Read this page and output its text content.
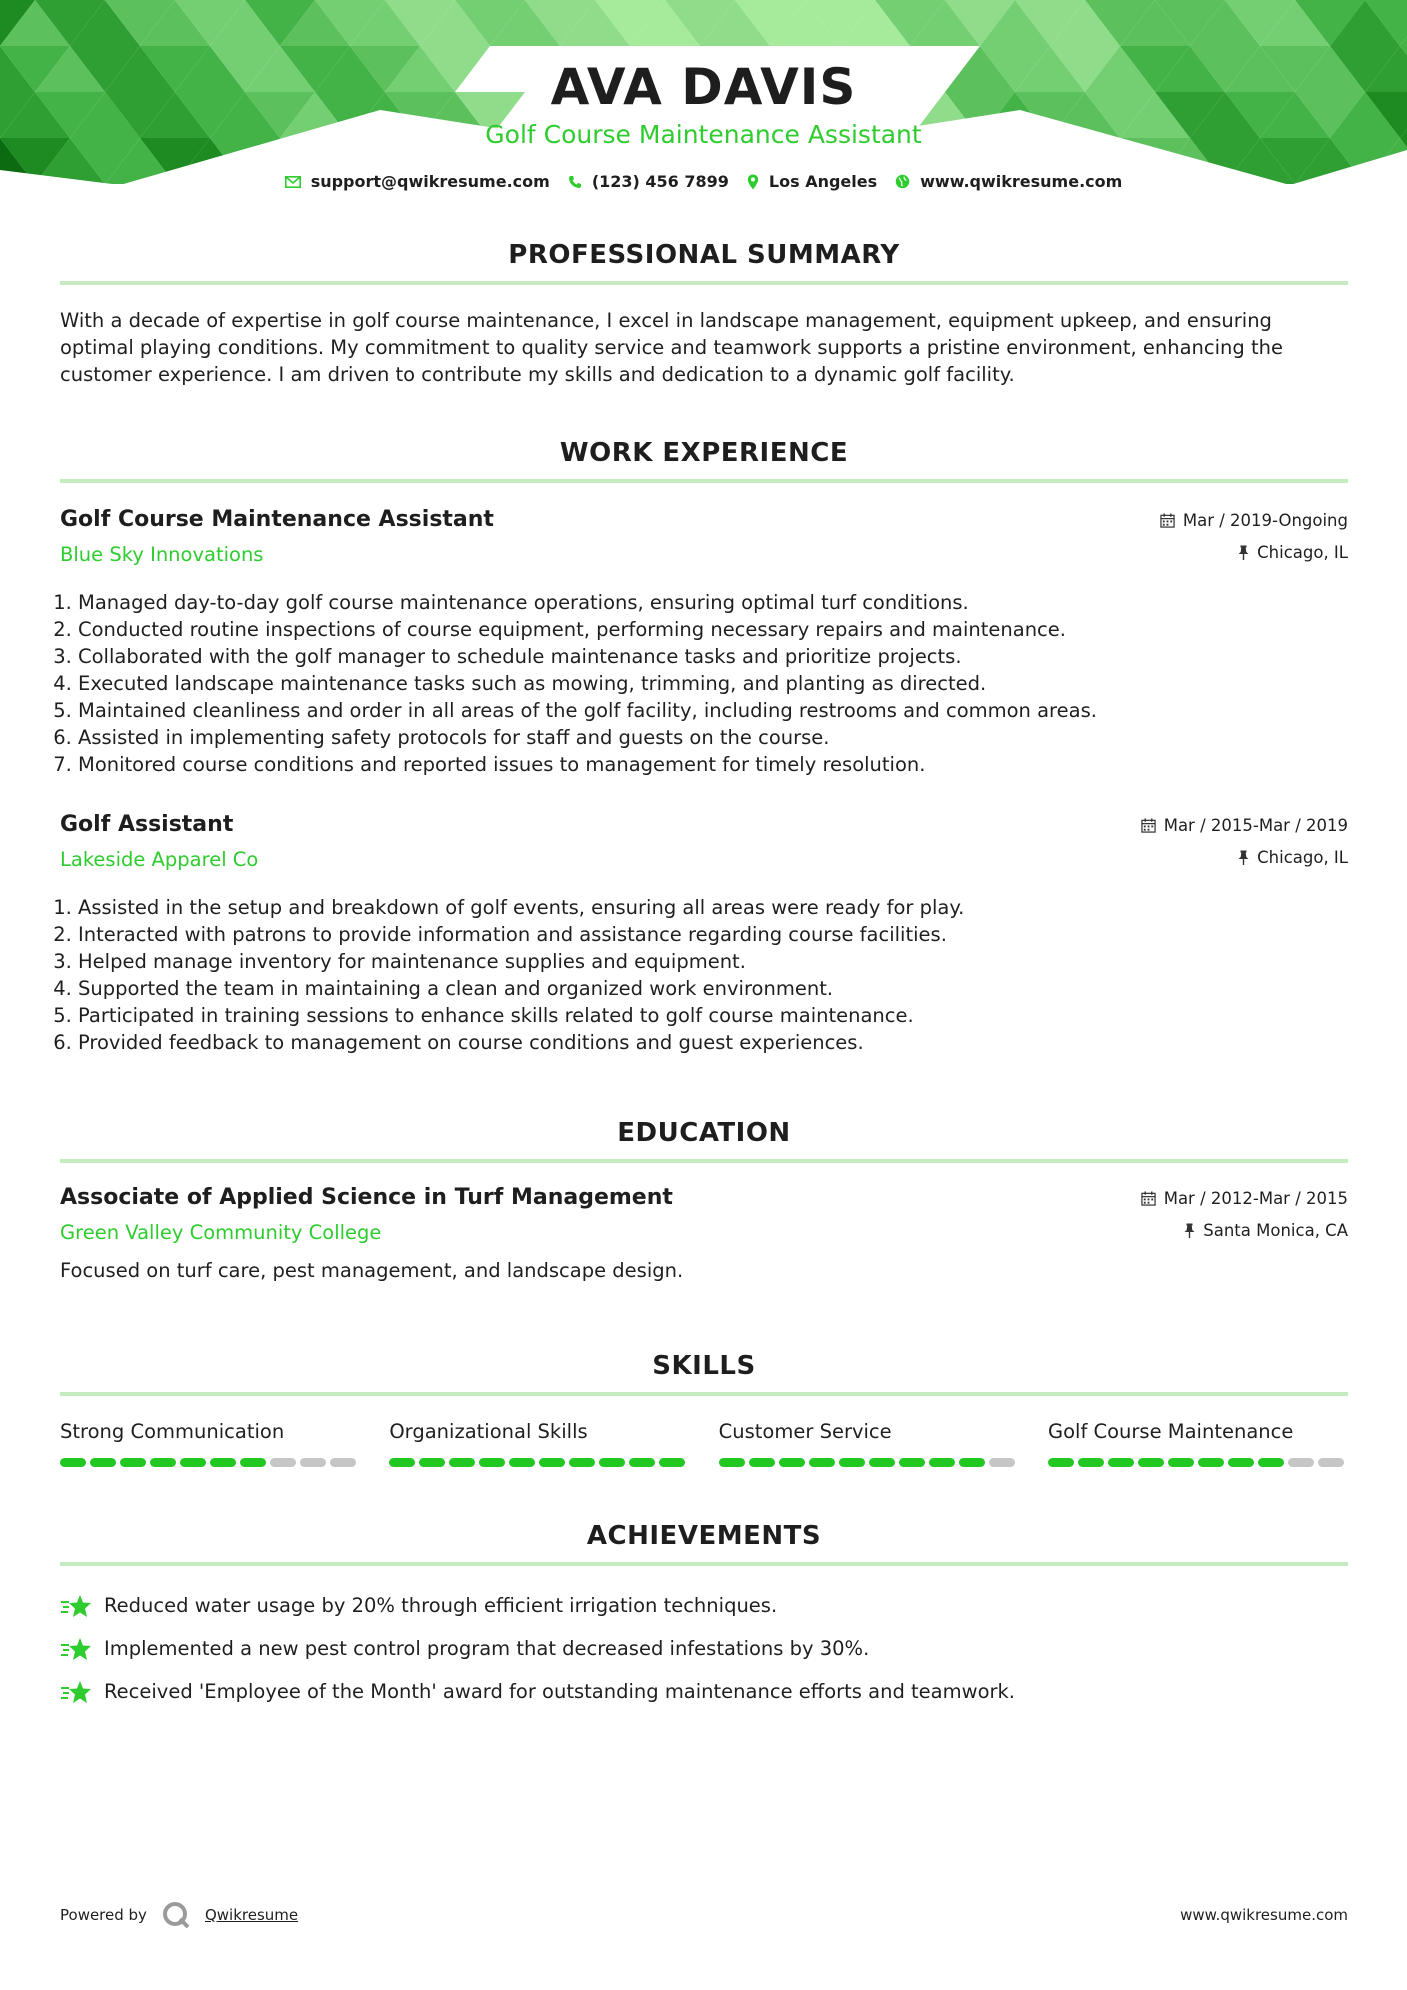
AVA DAVIS
Golf Course Maintenance Assistant
support@qwikresume.com	(123) 456 7899	Los Angeles	www.qwikresume.com
PROFESSIONAL SUMMARY

With a decade of expertise in golf course maintenance, I excel in landscape management, equipment upkeep, and ensuring optimal playing conditions. My commitment to quality service and teamwork supports a pristine environment, enhancing the customer experience. I am driven to contribute my skills and dedication to a dynamic golf facility.

WORK EXPERIENCE
Golf Course Maintenance Assistant
Blue Sky Innovations
Mar / 2019-Ongoing
Chicago, IL
1. Managed day-to-day golf course maintenance operations, ensuring optimal turf conditions.
2. Conducted routine inspections of course equipment, performing necessary repairs and maintenance.
3. Collaborated with the golf manager to schedule maintenance tasks and prioritize projects.
4. Executed landscape maintenance tasks such as mowing, trimming, and planting as directed.
5. Maintained cleanliness and order in all areas of the golf facility, including restrooms and common areas.
6. Assisted in implementing safety protocols for staff and guests on the course.
7. Monitored course conditions and reported issues to management for timely resolution.
Golf Assistant
Lakeside Apparel Co
Mar / 2015-Mar / 2019
Chicago, IL
1. Assisted in the setup and breakdown of golf events, ensuring all areas were ready for play.
2. Interacted with patrons to provide information and assistance regarding course facilities.
3. Helped manage inventory for maintenance supplies and equipment.
4. Supported the team in maintaining a clean and organized work environment.
5. Participated in training sessions to enhance skills related to golf course maintenance.
6. Provided feedback to management on course conditions and guest experiences.
EDUCATION
Associate of Applied Science in Turf Management
Green Valley Community College
Mar / 2012-Mar / 2015
Santa Monica, CA
Focused on turf care, pest management, and landscape design.
SKILLS
Strong Communication	Organizational Skills	Customer Service	Golf Course Maintenance
ACHIEVEMENTS
Reduced water usage by 20% through efficient irrigation techniques.
Implemented a new pest control program that decreased infestations by 30%.
Received 'Employee of the Month' award for outstanding maintenance efforts and teamwork.
Powered by	Qwikresume	www.qwikresume.com
